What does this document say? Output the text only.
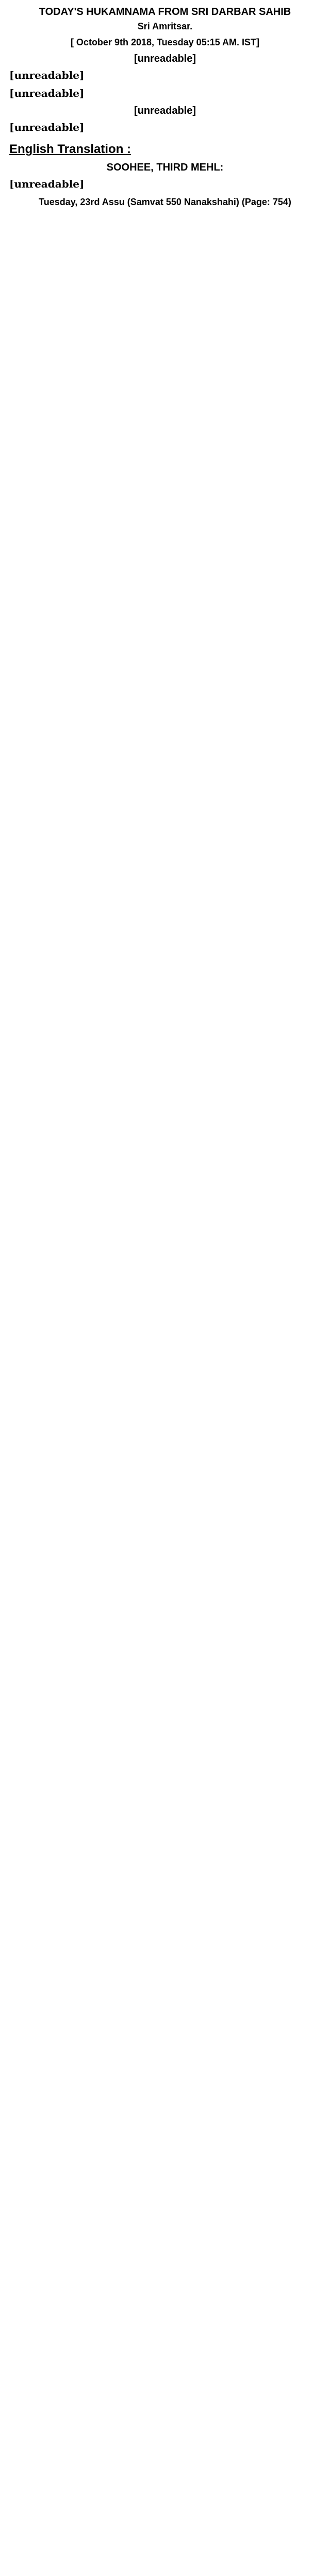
TODAY'S HUKAMNAMA FROM SRI DARBAR SAHIB
Sri Amritsar.
[ October 9th 2018, Tuesday 05:15 AM. IST]
[unreadable]
[unreadable]
[unreadable]
[unreadable]
[unreadable]
English Translation :
SOOHEE, THIRD MEHL:
[unreadable]
Tuesday, 23rd Assu (Samvat 550 Nanakshahi) (Page: 754)
